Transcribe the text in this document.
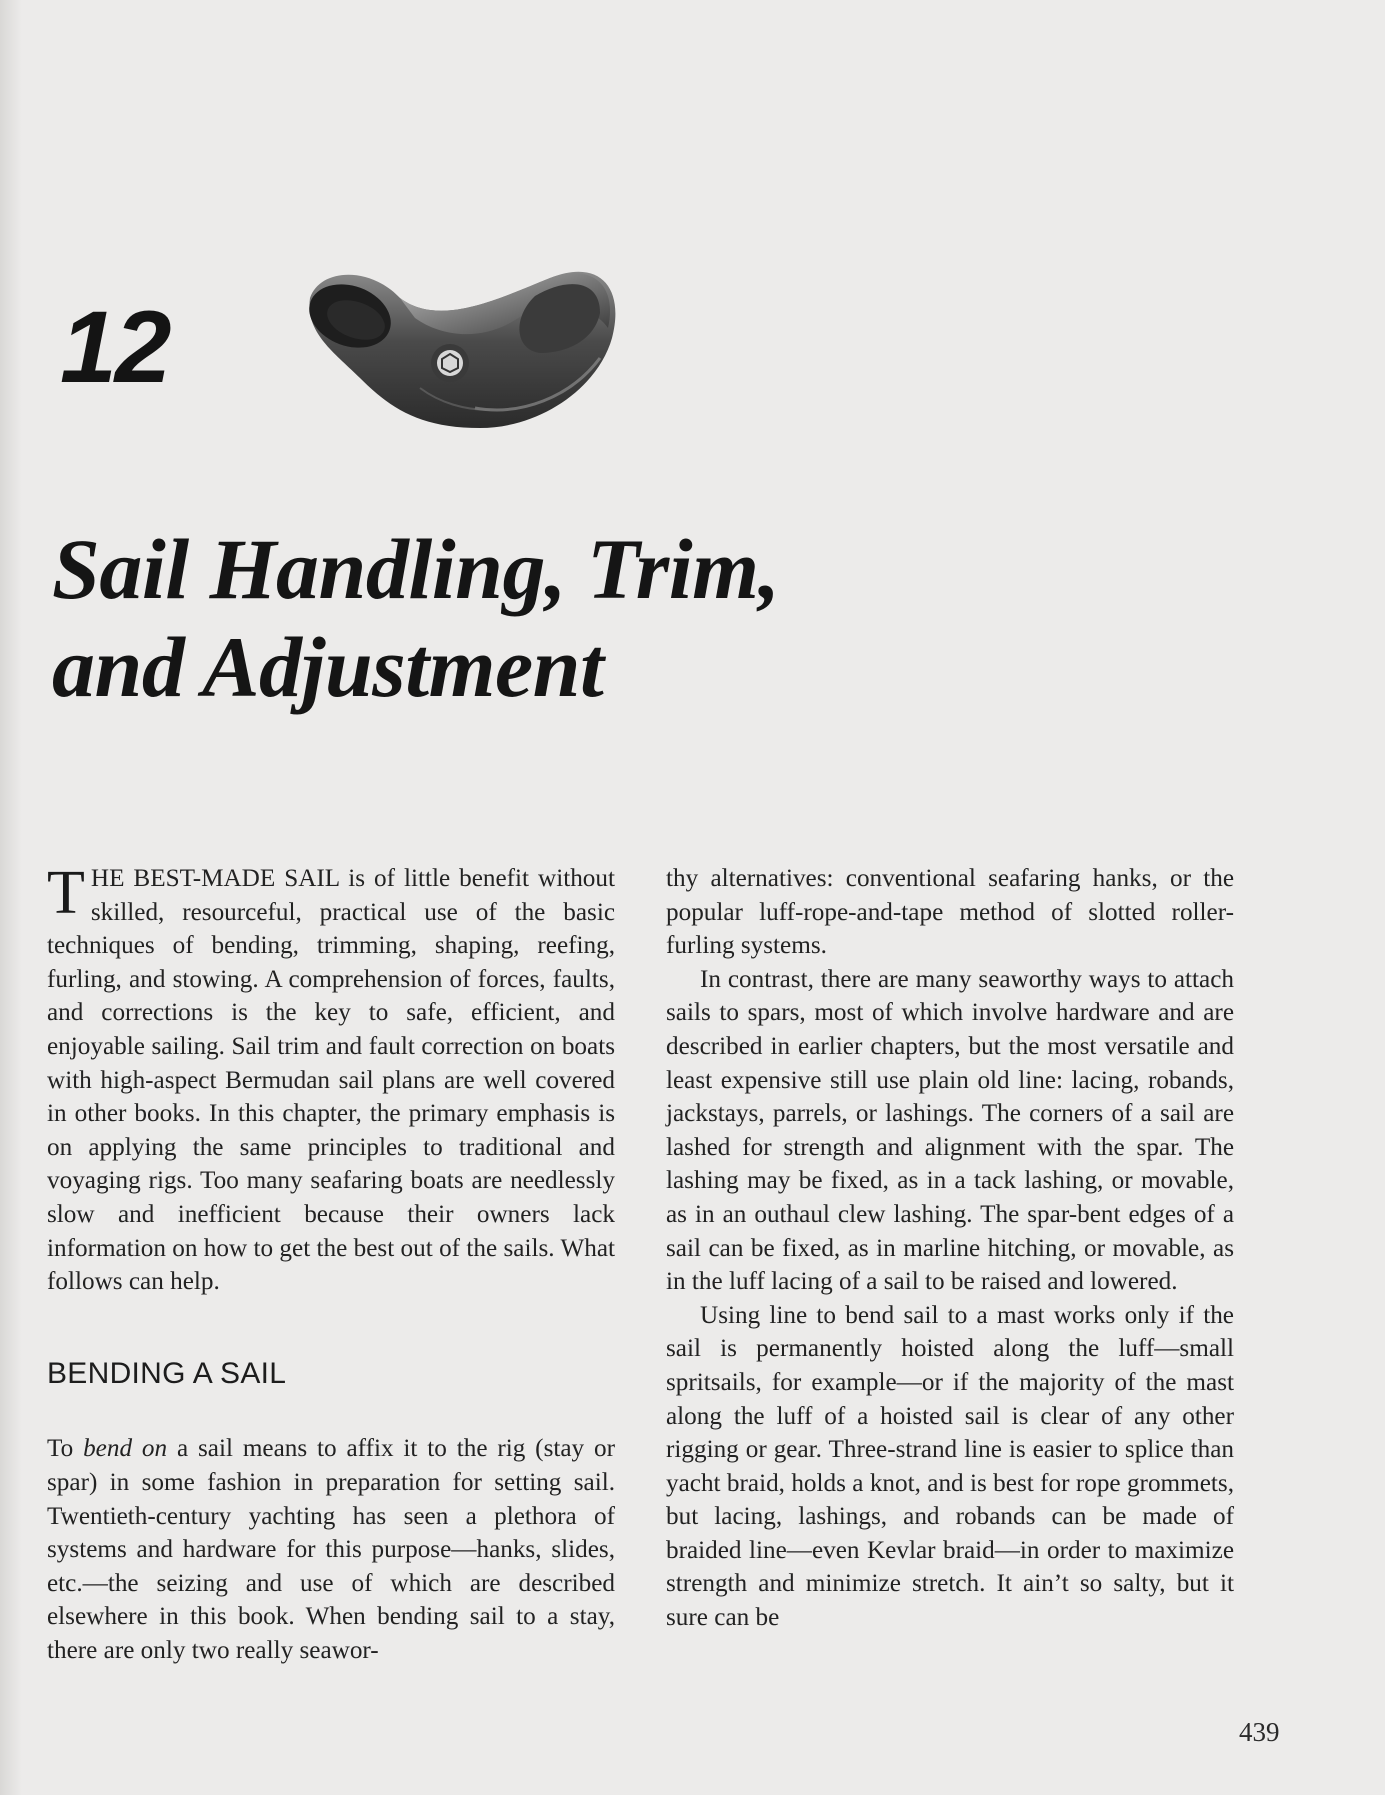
12
Sail Handling, Trim,
and Adjustment

THE BEST-MADE SAIL is of little benefit without skilled, resourceful, practical use of the basic techniques of bending, trimming, shaping, reefing, furling, and stowing. A comprehension of forces, faults, and corrections is the key to safe, efficient, and enjoyable sailing. Sail trim and fault correction on boats with high-aspect Bermudan sail plans are well covered in other books. In this chapter, the primary emphasis is on applying the same principles to traditional and voyaging rigs. Too many seafaring boats are needlessly slow and inefficient because their owners lack information on how to get the best out of the sails. What follows can help.

BENDING A SAIL

To bend on a sail means to affix it to the rig (stay or spar) in some fashion in preparation for setting sail. Twentieth-century yachting has seen a plethora of systems and hardware for this purpose—hanks, slides, etc.—the seizing and use of which are described elsewhere in this book. When bending sail to a stay, there are only two really seawor-

thy alternatives: conventional seafaring hanks, or the popular luff-rope-and-tape method of slotted roller-furling systems.

In contrast, there are many seaworthy ways to attach sails to spars, most of which involve hardware and are described in earlier chapters, but the most versatile and least expensive still use plain old line: lacing, robands, jackstays, parrels, or lashings. The corners of a sail are lashed for strength and alignment with the spar. The lashing may be fixed, as in a tack lashing, or movable, as in an outhaul clew lashing. The spar-bent edges of a sail can be fixed, as in marline hitching, or movable, as in the luff lacing of a sail to be raised and lowered.

Using line to bend sail to a mast works only if the sail is permanently hoisted along the luff—small spritsails, for example—or if the majority of the mast along the luff of a hoisted sail is clear of any other rigging or gear. Three-strand line is easier to splice than yacht braid, holds a knot, and is best for rope grommets, but lacing, lashings, and robands can be made of braided line—even Kevlar braid—in order to maximize strength and minimize stretch. It ain’t so salty, but it sure can be

439
